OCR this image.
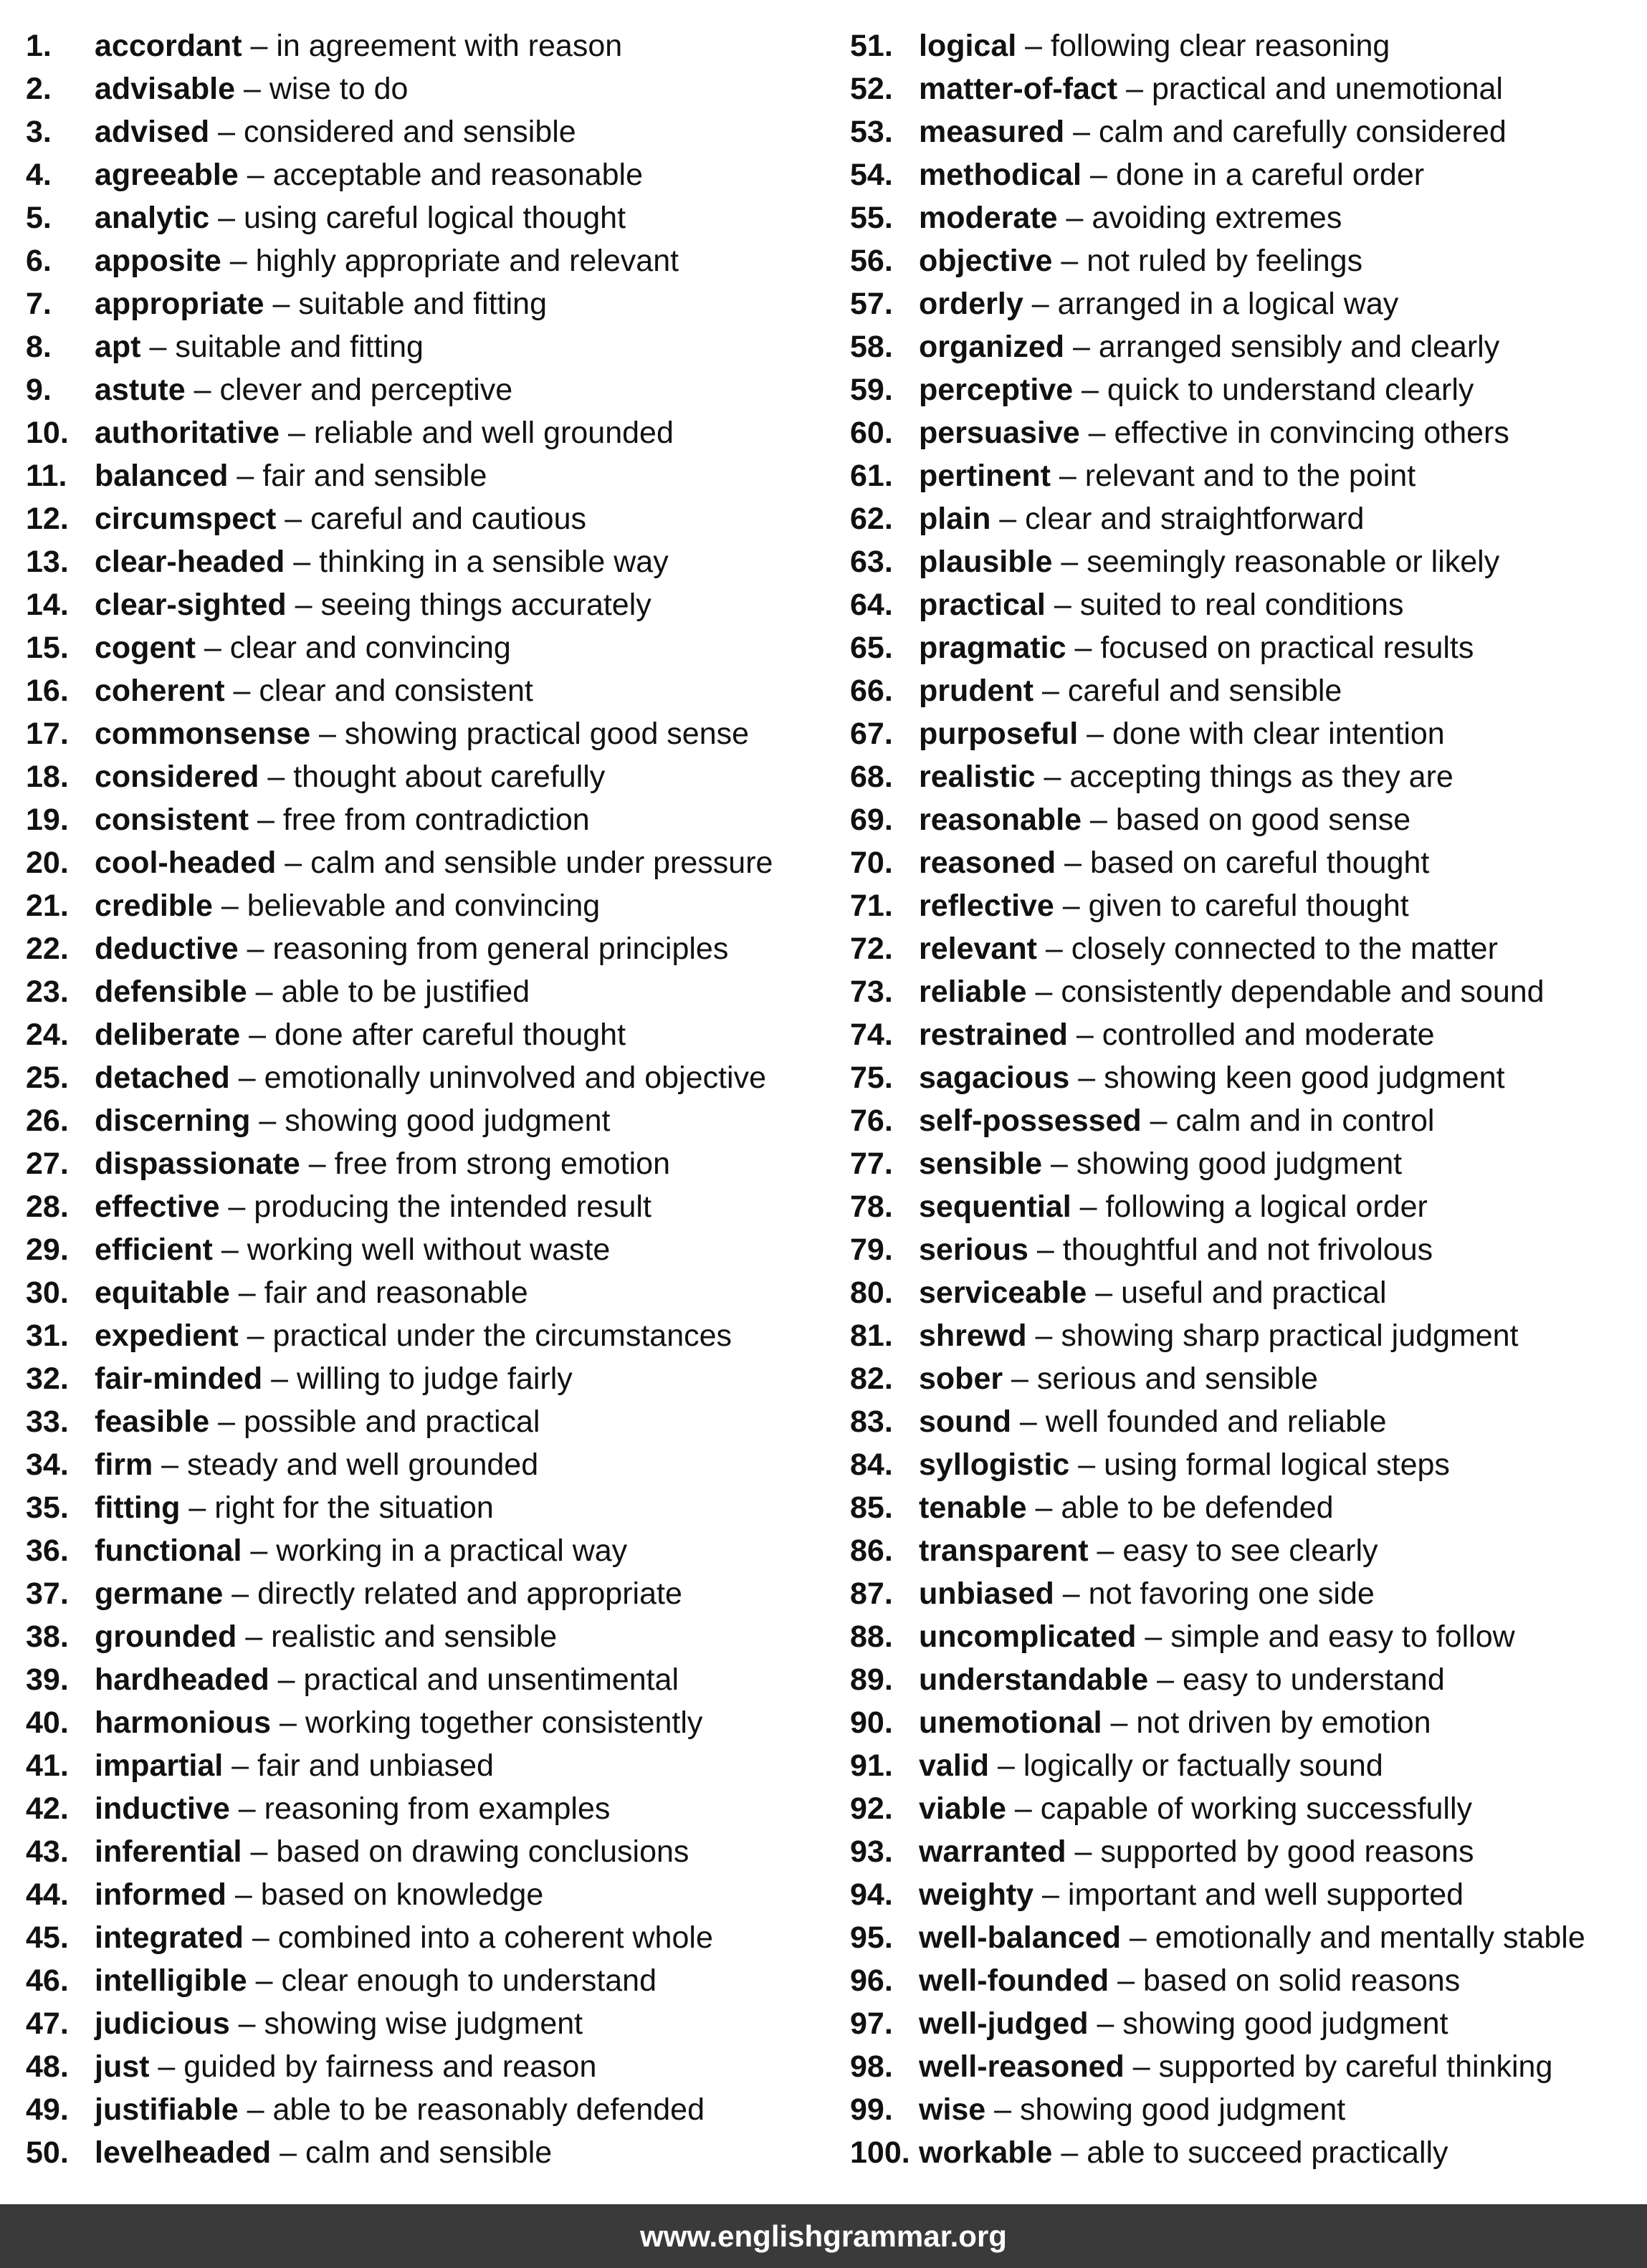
1. accordant – in agreement with reason
2. advisable – wise to do
3. advised – considered and sensible
4. agreeable – acceptable and reasonable
5. analytic – using careful logical thought
6. apposite – highly appropriate and relevant
7. appropriate – suitable and fitting
8. apt – suitable and fitting
9. astute – clever and perceptive
10. authoritative – reliable and well grounded
11. balanced – fair and sensible
12. circumspect – careful and cautious
13. clear-headed – thinking in a sensible way
14. clear-sighted – seeing things accurately
15. cogent – clear and convincing
16. coherent – clear and consistent
17. commonsense – showing practical good sense
18. considered – thought about carefully
19. consistent – free from contradiction
20. cool-headed – calm and sensible under pressure
21. credible – believable and convincing
22. deductive – reasoning from general principles
23. defensible – able to be justified
24. deliberate – done after careful thought
25. detached – emotionally uninvolved and objective
26. discerning – showing good judgment
27. dispassionate – free from strong emotion
28. effective – producing the intended result
29. efficient – working well without waste
30. equitable – fair and reasonable
31. expedient – practical under the circumstances
32. fair-minded – willing to judge fairly
33. feasible – possible and practical
34. firm – steady and well grounded
35. fitting – right for the situation
36. functional – working in a practical way
37. germane – directly related and appropriate
38. grounded – realistic and sensible
39. hardheaded – practical and unsentimental
40. harmonious – working together consistently
41. impartial – fair and unbiased
42. inductive – reasoning from examples
43. inferential – based on drawing conclusions
44. informed – based on knowledge
45. integrated – combined into a coherent whole
46. intelligible – clear enough to understand
47. judicious – showing wise judgment
48. just – guided by fairness and reason
49. justifiable – able to be reasonably defended
50. levelheaded – calm and sensible
51. logical – following clear reasoning
52. matter-of-fact – practical and unemotional
53. measured – calm and carefully considered
54. methodical – done in a careful order
55. moderate – avoiding extremes
56. objective – not ruled by feelings
57. orderly – arranged in a logical way
58. organized – arranged sensibly and clearly
59. perceptive – quick to understand clearly
60. persuasive – effective in convincing others
61. pertinent – relevant and to the point
62. plain – clear and straightforward
63. plausible – seemingly reasonable or likely
64. practical – suited to real conditions
65. pragmatic – focused on practical results
66. prudent – careful and sensible
67. purposeful – done with clear intention
68. realistic – accepting things as they are
69. reasonable – based on good sense
70. reasoned – based on careful thought
71. reflective – given to careful thought
72. relevant – closely connected to the matter
73. reliable – consistently dependable and sound
74. restrained – controlled and moderate
75. sagacious – showing keen good judgment
76. self-possessed – calm and in control
77. sensible – showing good judgment
78. sequential – following a logical order
79. serious – thoughtful and not frivolous
80. serviceable – useful and practical
81. shrewd – showing sharp practical judgment
82. sober – serious and sensible
83. sound – well founded and reliable
84. syllogistic – using formal logical steps
85. tenable – able to be defended
86. transparent – easy to see clearly
87. unbiased – not favoring one side
88. uncomplicated – simple and easy to follow
89. understandable – easy to understand
90. unemotional – not driven by emotion
91. valid – logically or factually sound
92. viable – capable of working successfully
93. warranted – supported by good reasons
94. weighty – important and well supported
95. well-balanced – emotionally and mentally stable
96. well-founded – based on solid reasons
97. well-judged – showing good judgment
98. well-reasoned – supported by careful thinking
99. wise – showing good judgment
100. workable – able to succeed practically
www.englishgrammar.org
